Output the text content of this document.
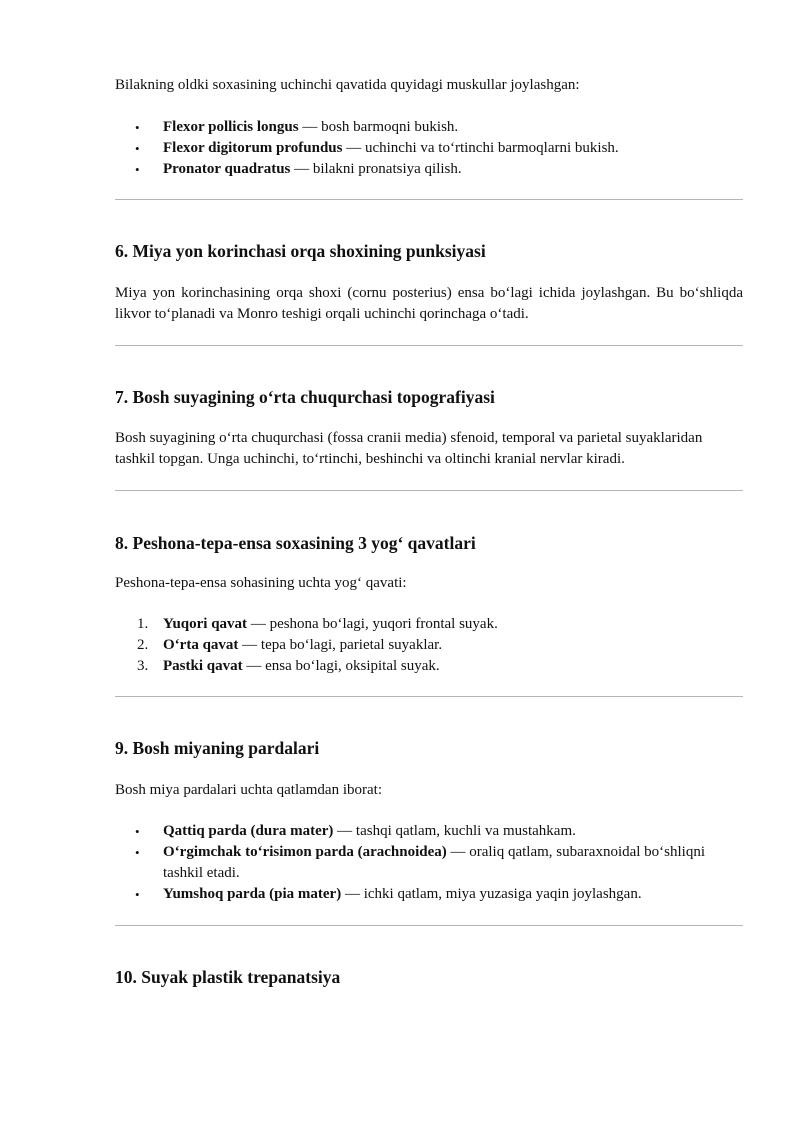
Bilakning oldki soxasining uchinchi qavatida quyidagi muskullar joylashgan:

• Flexor pollicis longus — bosh barmoqni bukish.
• Flexor digitorum profundus — uchinchi va to‘rtinchi barmoqlarni bukish.
• Pronator quadratus — bilakni pronatsiya qilish.
6. Miya yon korinchasi orqa shoxining punksiyasi

Miya yon korinchasining orqa shoxi (cornu posterius) ensa bo‘lagi ichida joylashgan. Bu bo‘shliqda likvor to‘planadi va Monro teshigi orqali uchinchi qorinchaga o‘tadi.

7. Bosh suyagining o‘rta chuqurchasi topografiyasi

Bosh suyagining o‘rta chuqurchasi (fossa cranii media) sfenoid, temporal va parietal suyaklaridan tashkil topgan. Unga uchinchi, to‘rtinchi, beshinchi va oltinchi kranial nervlar kiradi.

8. Peshona-tepa-ensa soxasining 3 yog‘ qavatlari

Peshona-tepa-ensa sohasining uchta yog‘ qavati:

1. Yuqori qavat — peshona bo‘lagi, yuqori frontal suyak.
2. O‘rta qavat — tepa bo‘lagi, parietal suyaklar.
3. Pastki qavat — ensa bo‘lagi, oksipital suyak.
9. Bosh miyaning pardalari

Bosh miya pardalari uchta qatlamdan iborat:

• Qattiq parda (dura mater) — tashqi qatlam, kuchli va mustahkam.
• O‘rgimchak to‘risimon parda (arachnoidea) — oraliq qatlam, subaraxnoidal bo‘shliqni tashkil etadi.
• Yumshoq parda (pia mater) — ichki qatlam, miya yuzasiga yaqin joylashgan.
10. Suyak plastik trepanatsiya
